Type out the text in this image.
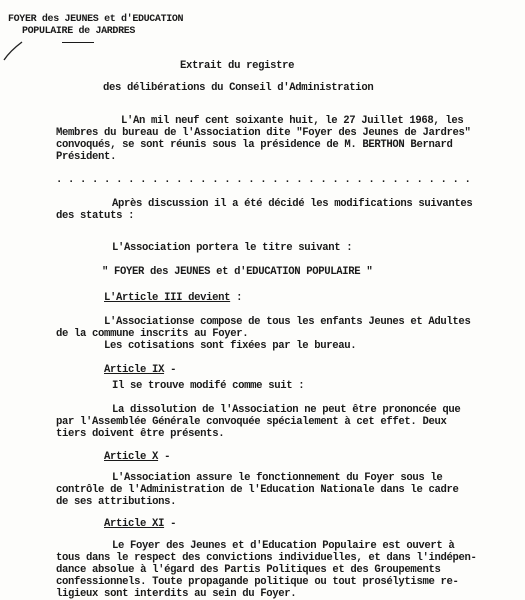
FOYER des JEUNES et d'EDUCATION
POPULAIRE de JARDRES
Extrait du registre
des délibérations du Conseil d'Administration
L'An mil neuf cent soixante huit, le 27 Juillet 1968, les
Membres du bureau de l'Association dite "Foyer des Jeunes de Jardres"
convoqués, se sont réunis sous la présidence de M. BERTHON Bernard
Président.
. . . . . . . . . . . . . . . . . . . . . . . . . . . . . . . . . . .
Après discussion il a été décidé les modifications suivantes
des statuts :
L'Association portera le titre suivant :
" FOYER des JEUNES et d'EDUCATION POPULAIRE "
L'Article III devient :
L'Associationse compose de tous les enfants Jeunes et Adultes
de la commune inscrits au Foyer.
Les cotisations sont fixées par le bureau.
Article IX -
Il se trouve modifé comme suit :
La dissolution de l'Association ne peut être prononcée que
par l'Assemblée Générale convoquée spécialement à cet effet. Deux
tiers doivent être présents.
Article X -
L'Association assure le fonctionnement du Foyer sous le
contrôle de l'Administration de l'Education Nationale dans le cadre
de ses attributions.
Article XI -
Le Foyer des Jeunes et d'Education Populaire est ouvert à
tous dans le respect des convictions individuelles, et dans l'indépen-
dance absolue à l'égard des Partis Politiques et des Groupements
confessionnels. Toute propagande politique ou tout prosélytisme re-
ligieux sont interdits au sein du Foyer.
